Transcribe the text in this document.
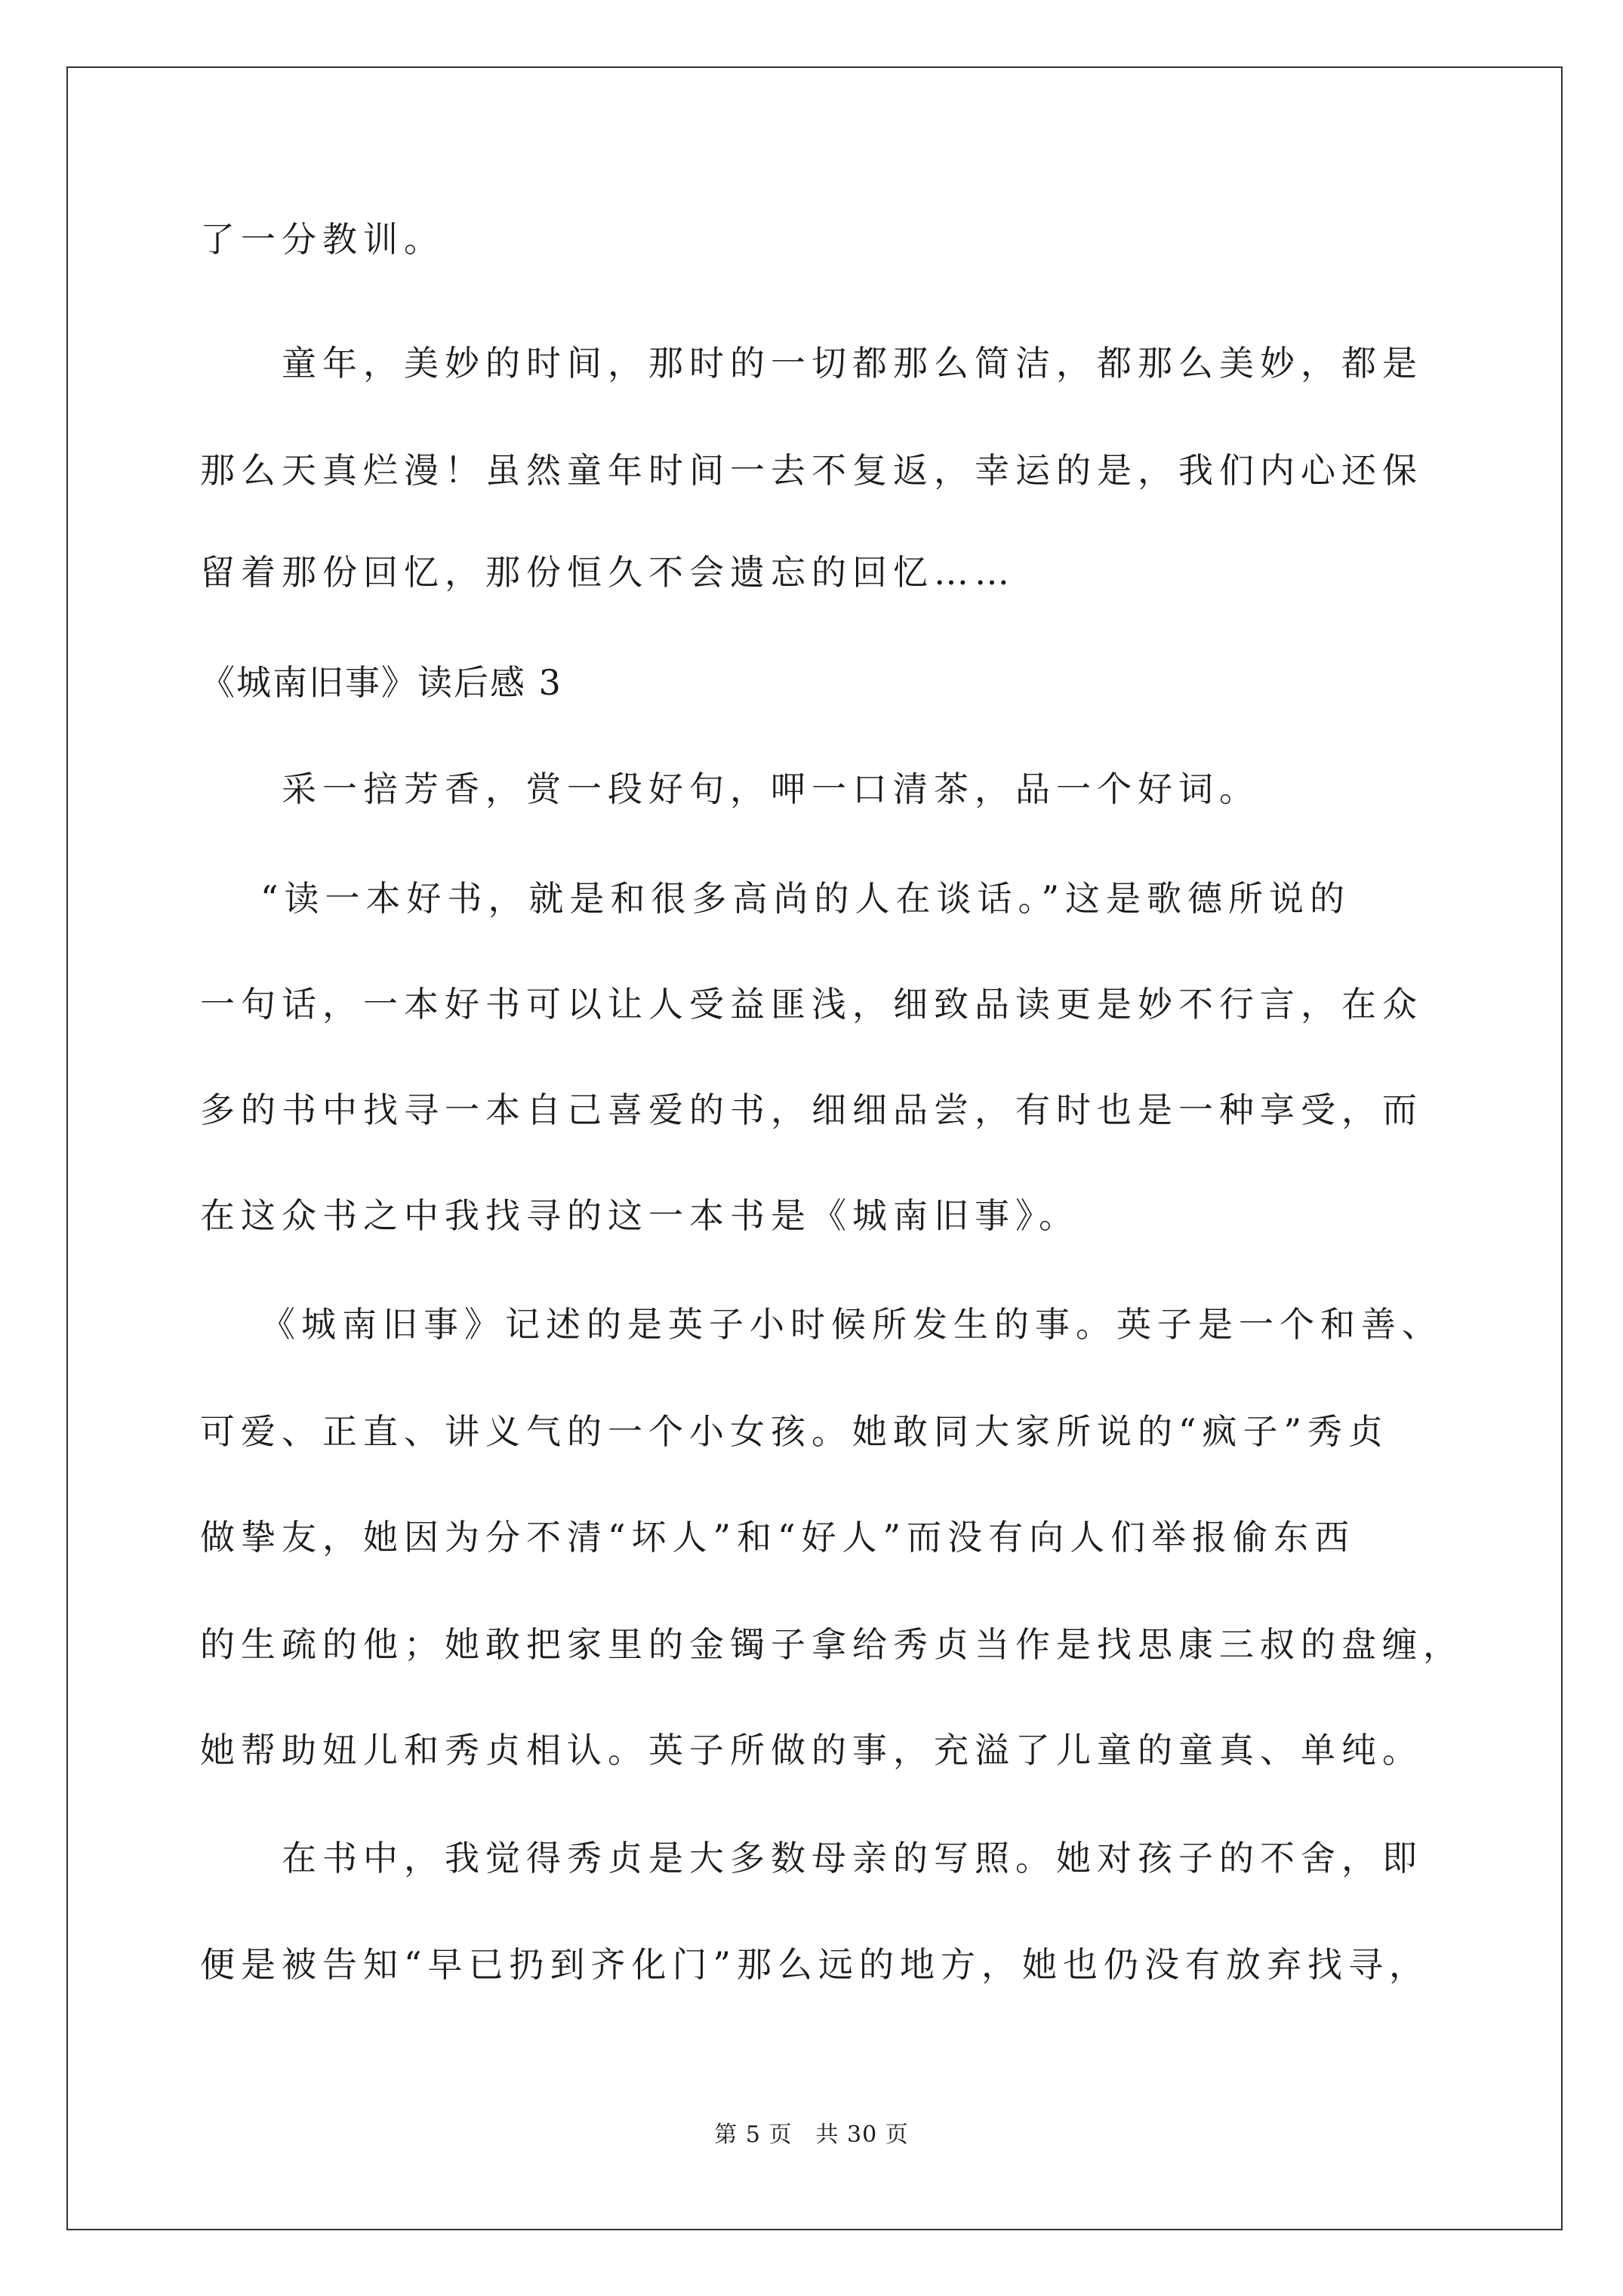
了一分教训。
童年，美妙的时间，那时的一切都那么简洁，都那么美妙，都是
那么天真烂漫！虽然童年时间一去不复返，幸运的是，我们内心还保
留着那份回忆，那份恒久不会遗忘的回忆……
《城南旧事》读后感 3
采一掊芳香，赏一段好句，呷一口清茶，品一个好词。
“读一本好书，就是和很多高尚的人在谈话。”这是歌德所说的
一句话，一本好书可以让人受益匪浅，细致品读更是妙不行言，在众
多的书中找寻一本自己喜爱的书，细细品尝，有时也是一种享受，而
在这众书之中我找寻的这一本书是《城南旧事》。
《城南旧事》记述的是英子小时候所发生的事。英子是一个和善、
可爱、正直、讲义气的一个小女孩。她敢同大家所说的“疯子”秀贞
做挚友，她因为分不清“坏人”和“好人”而没有向人们举报偷东西
的生疏的他；她敢把家里的金镯子拿给秀贞当作是找思康三叔的盘缠，
她帮助妞儿和秀贞相认。英子所做的事，充溢了儿童的童真、单纯。
在书中，我觉得秀贞是大多数母亲的写照。她对孩子的不舍，即
便是被告知“早已扔到齐化门”那么远的地方，她也仍没有放弃找寻，
第 5 页　共 30 页
